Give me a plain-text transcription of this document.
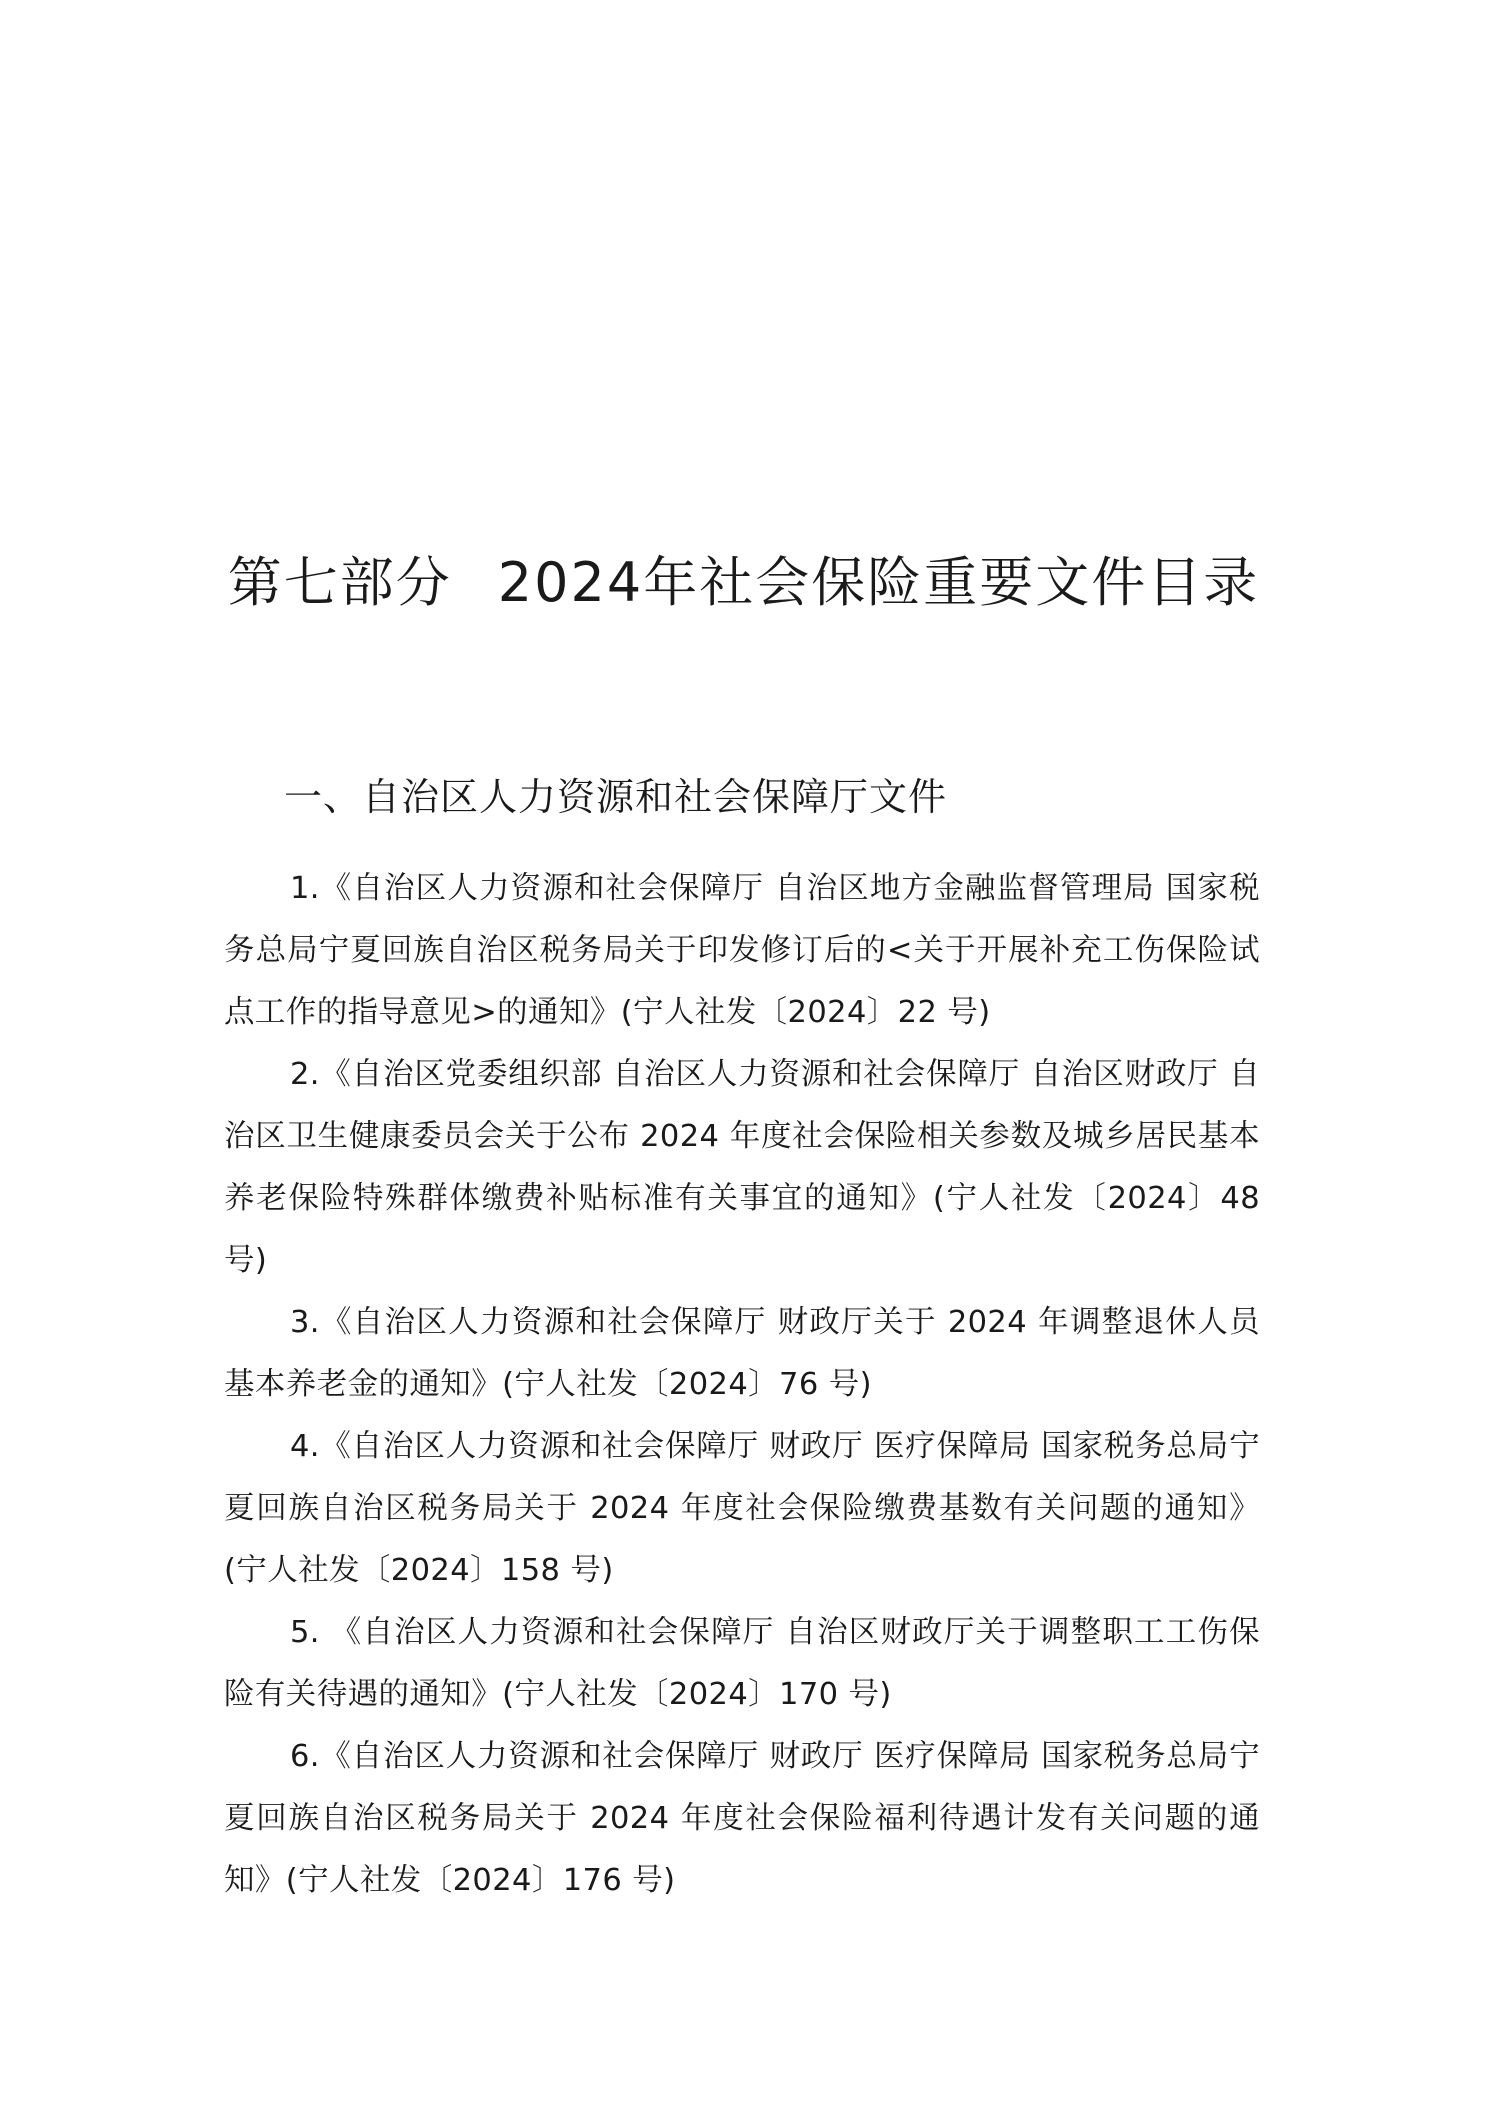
第七部分 2024年社会保险重要文件目录
一、自治区人力资源和社会保障厅文件
1.《自治区人力资源和社会保障厅 自治区地方金融监督管理局 国家税务总局宁夏回族自治区税务局关于印发修订后的<关于开展补充工伤保险试点工作的指导意见>的通知》(宁人社发〔2024〕22 号)
2.《自治区党委组织部 自治区人力资源和社会保障厅 自治区财政厅 自治区卫生健康委员会关于公布 2024 年度社会保险相关参数及城乡居民基本养老保险特殊群体缴费补贴标准有关事宜的通知》(宁人社发〔2024〕48 号)
3.《自治区人力资源和社会保障厅 财政厅关于 2024 年调整退休人员基本养老金的通知》(宁人社发〔2024〕76 号)
4.《自治区人力资源和社会保障厅 财政厅 医疗保障局 国家税务总局宁夏回族自治区税务局关于 2024 年度社会保险缴费基数有关问题的通知》(宁人社发〔2024〕158 号)
5. 《自治区人力资源和社会保障厅 自治区财政厅关于调整职工工伤保险有关待遇的通知》(宁人社发〔2024〕170 号)
6.《自治区人力资源和社会保障厅 财政厅 医疗保障局 国家税务总局宁夏回族自治区税务局关于 2024 年度社会保险福利待遇计发有关问题的通知》(宁人社发〔2024〕176 号)
